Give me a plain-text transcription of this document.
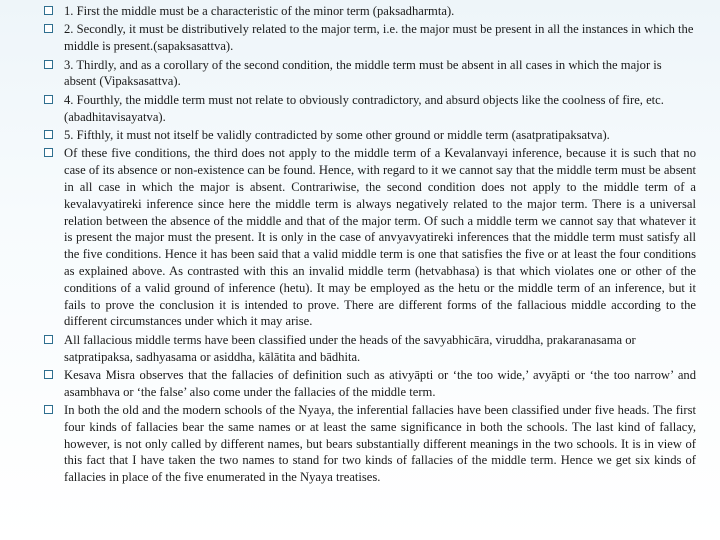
1. First the middle must be a characteristic of the minor term (paksadharmta).
2. Secondly, it must be distributively related to the major term, i.e. the major must be present in all the instances in which the middle is present.(sapaksasattva).
3. Thirdly, and as a corollary of the second condition, the middle term must be absent in all cases in which the major is absent (Vipaksasattva).
4. Fourthly, the middle term must not relate to obviously contradictory, and absurd objects like the coolness of fire, etc.(abadhitavisayatva).
5. Fifthly, it must not itself be validly contradicted by some other ground or middle term (asatpratipaksatva).
Of these five conditions, the third does not apply to the middle term of a Kevalanvayi inference, because it is such that no case of its absence or non-existence can be found. Hence, with regard to it we cannot say that the middle term must be absent in all case in which the major is absent. Contrariwise, the second condition does not apply to the middle term of a kevalavyatireki inference since here the middle term is always negatively related to the major term. There is a universal relation between the absence of the middle and that of the major term. Of such a middle term we cannot say that whatever it is present the major must the present. It is only in the case of anvyavyatireki inferences that the middle term must satisfy all the five conditions. Hence it has been said that a valid middle term is one that satisfies the five or at least the four conditions as explained above. As contrasted with this an invalid middle term (hetvabhasa) is that which violates one or other of the conditions of a valid ground of inference (hetu). It may be employed as the hetu or the middle term of an inference, but it fails to prove the conclusion it is intended to prove. There are different forms of the fallacious middle according to the different circumstances under which it may arise.
All fallacious middle terms have been classified under the heads of the savyabhicāra, viruddha, prakaranasama or satpratipaksa, sadhyasama or asiddha, kālātita and bādhita.
Kesava Misra observes that the fallacies of definition such as ativyāpti or ‘the too wide,’ avyāpti or ‘the too narrow’ and asambhava or ‘the false’ also come under the fallacies of the middle term.
In both the old and the modern schools of the Nyaya, the inferential fallacies have been classified under five heads. The first four kinds of fallacies bear the same names or at least the same significance in both the schools. The last kind of fallacy, however, is not only called by different names, but bears substantially different meanings in the two schools. It is in view of this fact that I have taken the two names to stand for two kinds of fallacies of the middle term. Hence we get six kinds of fallacies in place of the five enumerated in the Nyaya treatises.
